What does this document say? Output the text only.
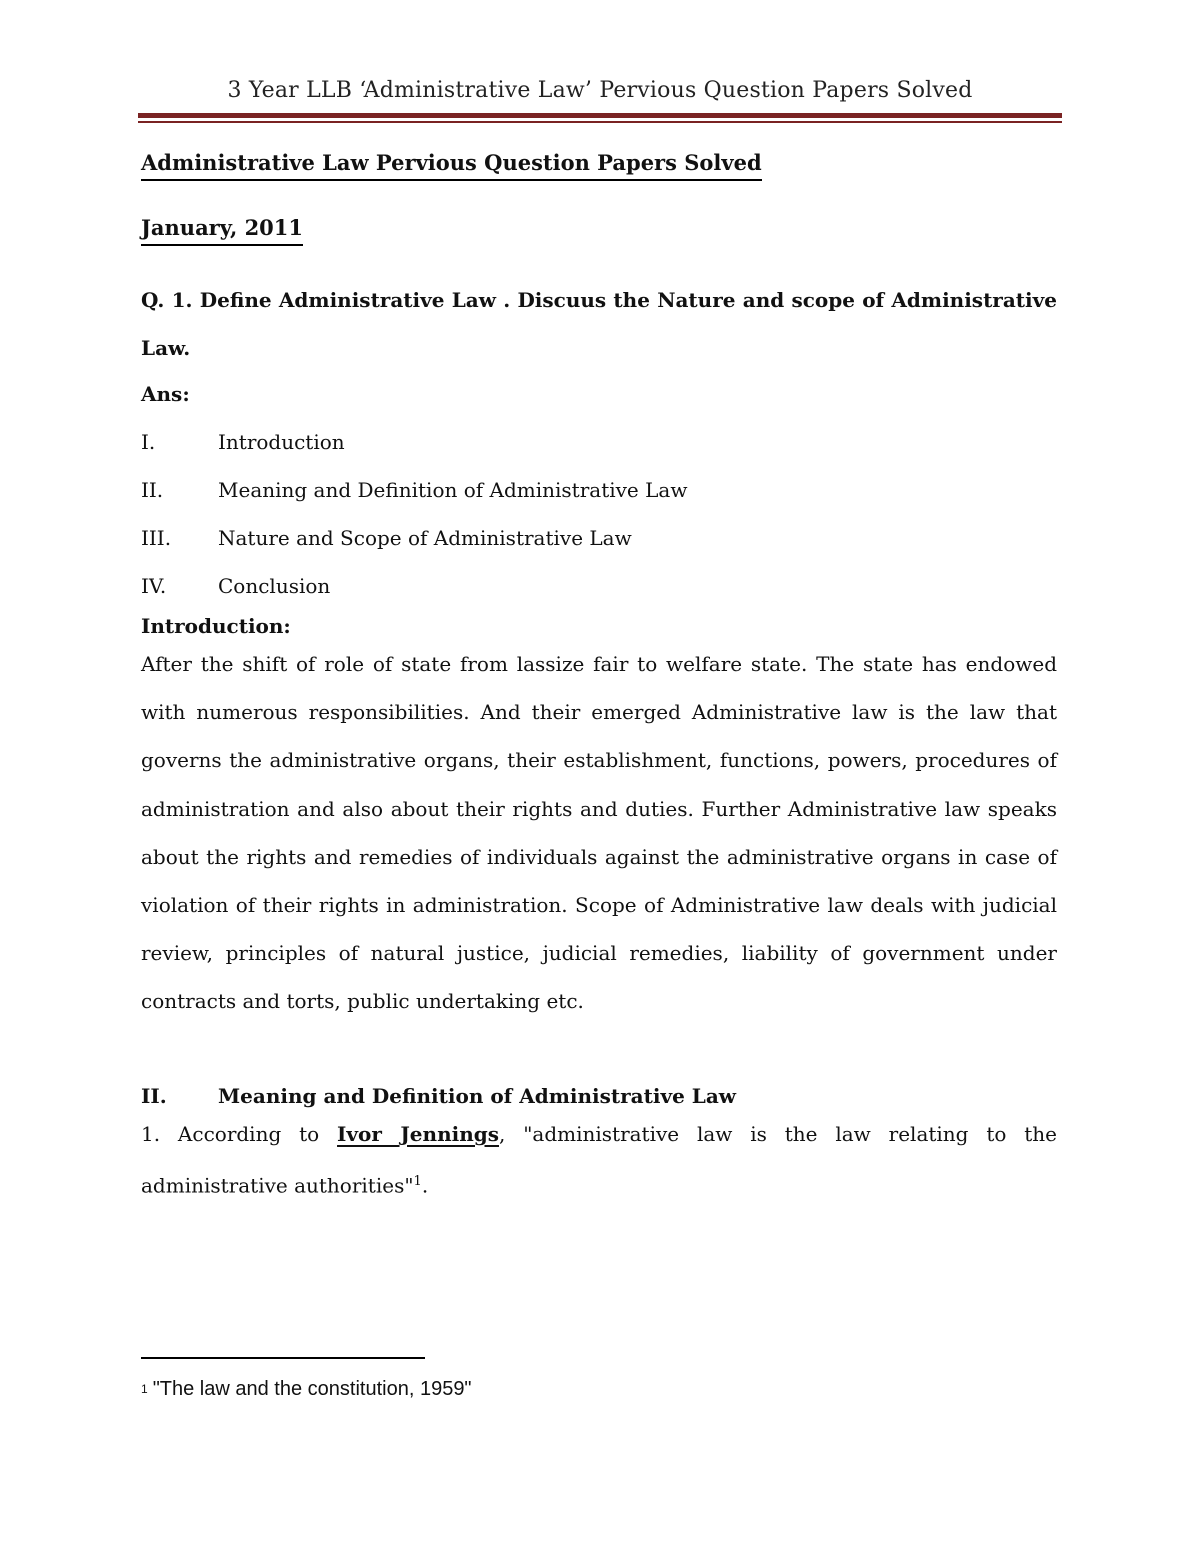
3 Year LLB ‘Administrative Law’ Pervious Question Papers Solved
Administrative Law Pervious Question Papers Solved
January, 2011
Q. 1. Define Administrative Law . Discuus the Nature and scope of Administrative Law.
Ans:
I.	Introduction
II.	Meaning and Definition of Administrative Law
III.	Nature and Scope of Administrative Law
IV.	Conclusion
Introduction:
After the shift of role of state from lassize fair to welfare state. The state has endowed with numerous responsibilities. And their emerged Administrative law is the law that governs the administrative organs, their establishment, functions, powers, procedures of administration and also about their rights and duties. Further Administrative law speaks about the rights and remedies of individuals against the administrative organs in case of violation of their rights in administration. Scope of Administrative law deals with judicial review, principles of natural justice, judicial remedies, liability of government under contracts and torts, public undertaking etc.
II.	Meaning and Definition of Administrative Law
1. According to Ivor Jennings, "administrative law is the law relating to the administrative authorities"$^1$.
1 "The law and the constitution, 1959"
